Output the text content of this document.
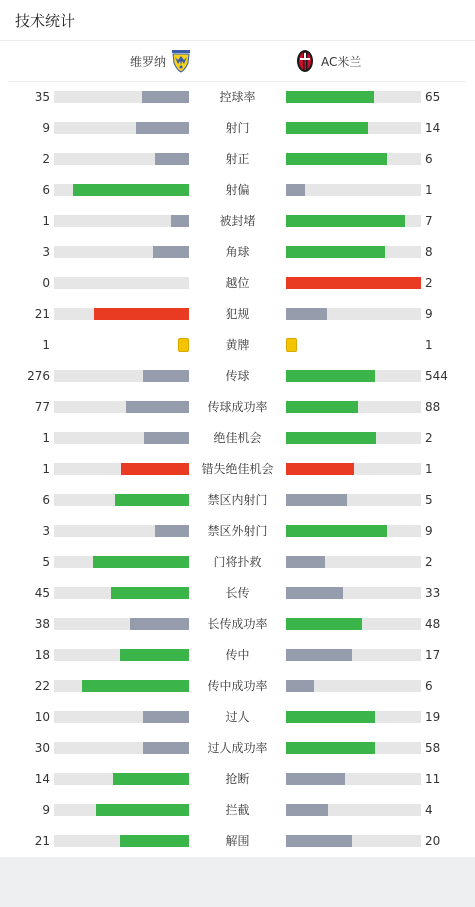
技术统计
维罗纳	AC米兰
35	控球率	65
9	射门	14
2	射正	6
6	射偏	1
1	被封堵	7
3	角球	8
0	越位	2
21	犯规	9
1	黄牌	1
276	传球	544
77	传球成功率	88
1	绝佳机会	2
1	错失绝佳机会	1
6	禁区内射门	5
3	禁区外射门	9
5	门将扑救	2
45	长传	33
38	长传成功率	48
18	传中	17
22	传中成功率	6
10	过人	19
30	过人成功率	58
14	抢断	11
9	拦截	4
21	解围	20
